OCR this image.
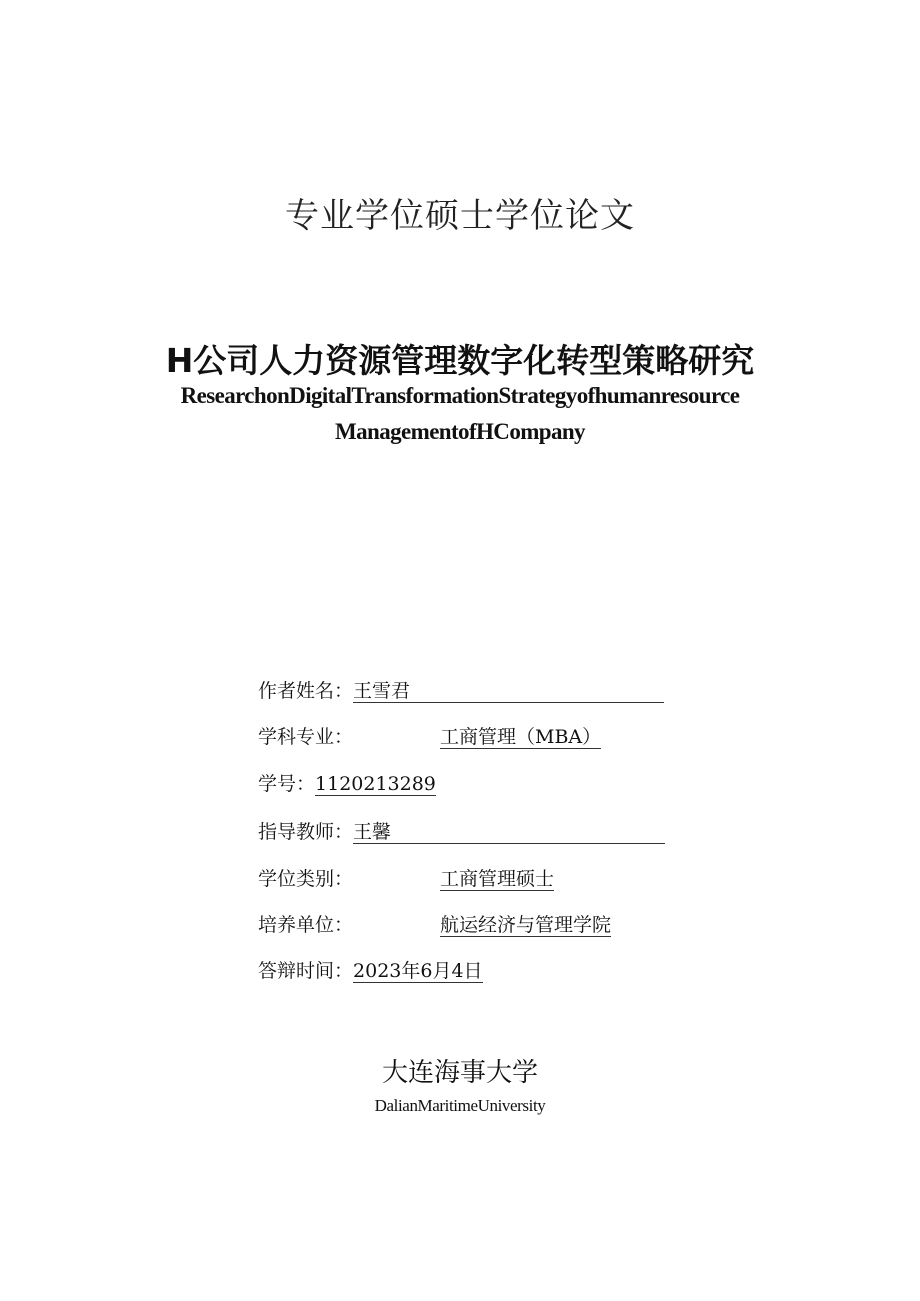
专业学位硕士学位论文
H公司人力资源管理数字化转型策略研究
ResearchonDigitalTransformationStrategyofhumanresource
ManagementofHCompany
作者姓名：王雪君
学科专业：	工商管理（MBA）
学号：1120213289
指导教师：王馨
学位类别：	工商管理硕士
培养单位：	航运经济与管理学院
答辩时间：2023年6月4日
大连海事大学
DalianMaritimeUniversity
